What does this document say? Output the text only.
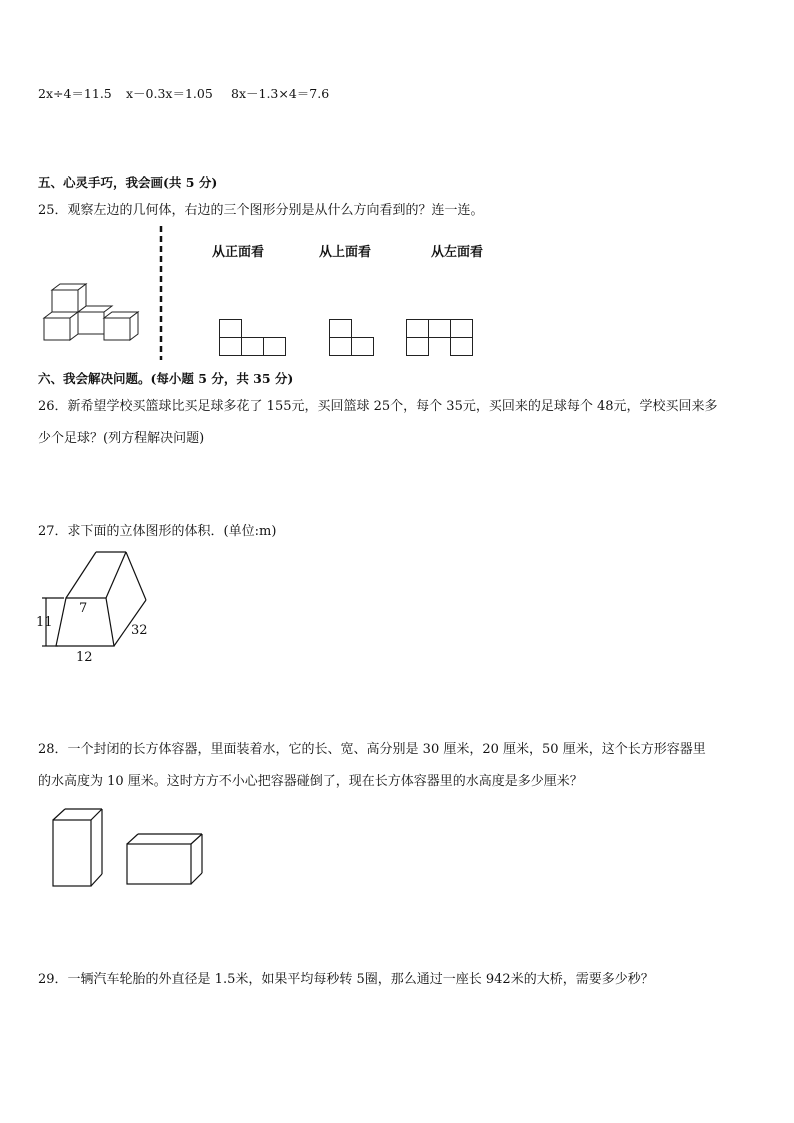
2x÷4＝11.5 x－0.3x＝1.05 8x－1.3×4＝7.6
五、心灵手巧，我会画(共 5 分)
25．观察左边的几何体，右边的三个图形分别是从什么方向看到的？连一连。
从正面看	从上面看	从左面看
六、我会解决问题。(每小题 5 分，共 35 分)
26．新希望学校买篮球比买足球多花了 155元，买回篮球 25个，每个 35元，买回来的足球每个 48元，学校买回来多
少个足球？(列方程解决问题)
27．求下面的立体图形的体积．(单位:m)
7
11
12
32
28．一个封闭的长方体容器，里面装着水，它的长、宽、高分别是 30 厘米，20 厘米，50 厘米，这个长方形容器里
的水高度为 10 厘米。这时方方不小心把容器碰倒了，现在长方体容器里的水高度是多少厘米？
29．一辆汽车轮胎的外直径是 1.5米，如果平均每秒转 5圈，那么通过一座长 942米的大桥，需要多少秒？
